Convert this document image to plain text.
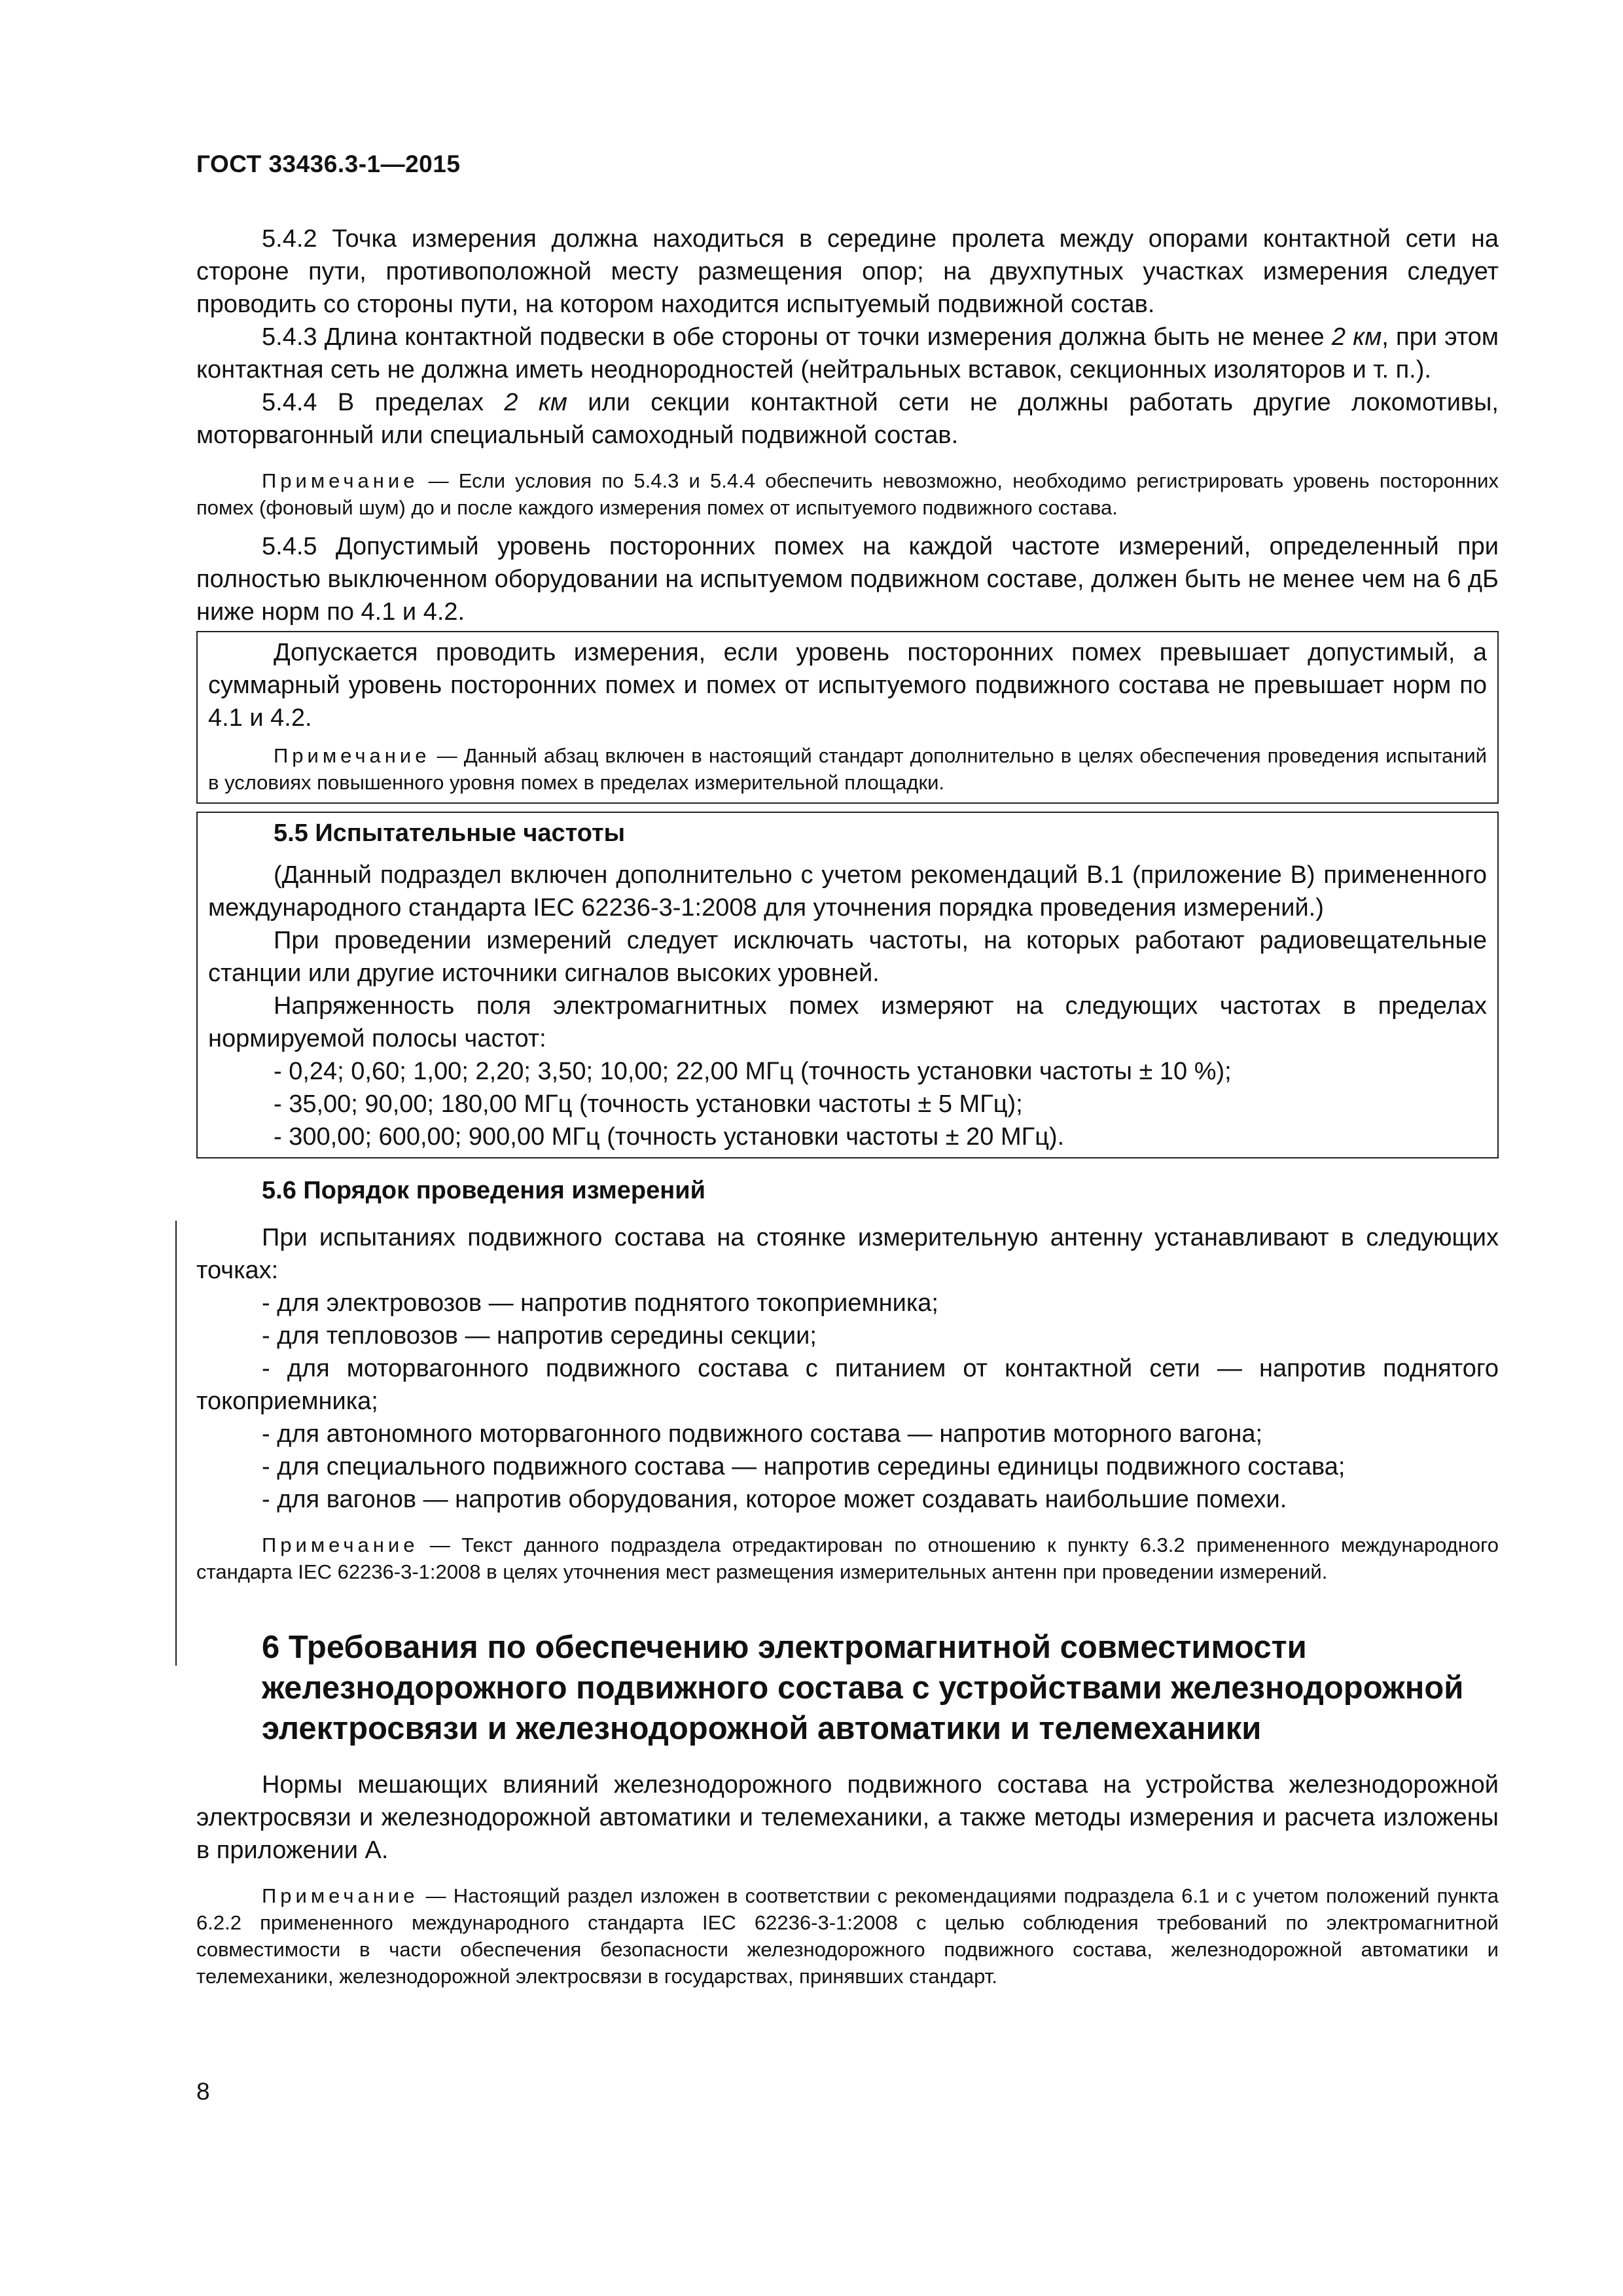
ГОСТ 33436.3-1—2015

5.4.2 Точка измерения должна находиться в середине пролета между опорами контактной сети на стороне пути, противоположной месту размещения опор; на двухпутных участках измерения следует проводить со стороны пути, на котором находится испытуемый подвижной состав.

5.4.3 Длина контактной подвески в обе стороны от точки измерения должна быть не менее 2 км, при этом контактная сеть не должна иметь неоднородностей (нейтральных вставок, секционных изоляторов и т. п.).

5.4.4 В пределах 2 км или секции контактной сети не должны работать другие локомотивы, моторвагонный или специальный самоходный подвижной состав.

Примечание — Если условия по 5.4.3 и 5.4.4 обеспечить невозможно, необходимо регистрировать уровень посторонних помех (фоновый шум) до и после каждого измерения помех от испытуемого подвижного состава.

5.4.5 Допустимый уровень посторонних помех на каждой частоте измерений, определенный при полностью выключенном оборудовании на испытуемом подвижном составе, должен быть не менее чем на 6 дБ ниже норм по 4.1 и 4.2.

Допускается проводить измерения, если уровень посторонних помех превышает допустимый, а суммарный уровень посторонних помех и помех от испытуемого подвижного состава не превышает норм по 4.1 и 4.2.

Примечание — Данный абзац включен в настоящий стандарт дополнительно в целях обеспечения проведения испытаний в условиях повышенного уровня помех в пределах измерительной площадки.

5.5 Испытательные частоты

(Данный подраздел включен дополнительно с учетом рекомендаций В.1 (приложение В) примененного международного стандарта IEC 62236-3-1:2008 для уточнения порядка проведения измерений.)

При проведении измерений следует исключать частоты, на которых работают радиовещательные станции или другие источники сигналов высоких уровней.

Напряженность поля электромагнитных помех измеряют на следующих частотах в пределах нормируемой полосы частот:

- 0,24; 0,60; 1,00; 2,20; 3,50; 10,00; 22,00 МГц (точность установки частоты ± 10 %);

- 35,00; 90,00; 180,00 МГц (точность установки частоты ± 5 МГц);

- 300,00; 600,00; 900,00 МГц (точность установки частоты ± 20 МГц).

5.6 Порядок проведения измерений

При испытаниях подвижного состава на стоянке измерительную антенну устанавливают в следующих точках:

- для электровозов — напротив поднятого токоприемника;

- для тепловозов — напротив середины секции;

- для моторвагонного подвижного состава с питанием от контактной сети — напротив поднятого токоприемника;

- для автономного моторвагонного подвижного состава — напротив моторного вагона;

- для специального подвижного состава — напротив середины единицы подвижного состава;

- для вагонов — напротив оборудования, которое может создавать наибольшие помехи.

Примечание — Текст данного подраздела отредактирован по отношению к пункту 6.3.2 примененного международного стандарта IEC 62236-3-1:2008 в целях уточнения мест размещения измерительных антенн при проведении измерений.

6 Требования по обеспечению электромагнитной совместимости железнодорожного подвижного состава с устройствами железнодорожной электросвязи и железнодорожной автоматики и телемеханики

Нормы мешающих влияний железнодорожного подвижного состава на устройства железнодорожной электросвязи и железнодорожной автоматики и телемеханики, а также методы измерения и расчета изложены в приложении А.

Примечание — Настоящий раздел изложен в соответствии с рекомендациями подраздела 6.1 и с учетом положений пункта 6.2.2 примененного международного стандарта IEC 62236-3-1:2008 с целью соблюдения требований по электромагнитной совместимости в части обеспечения безопасности железнодорожного подвижного состава, железнодорожной автоматики и телемеханики, железнодорожной электросвязи в государствах, принявших стандарт.

8
